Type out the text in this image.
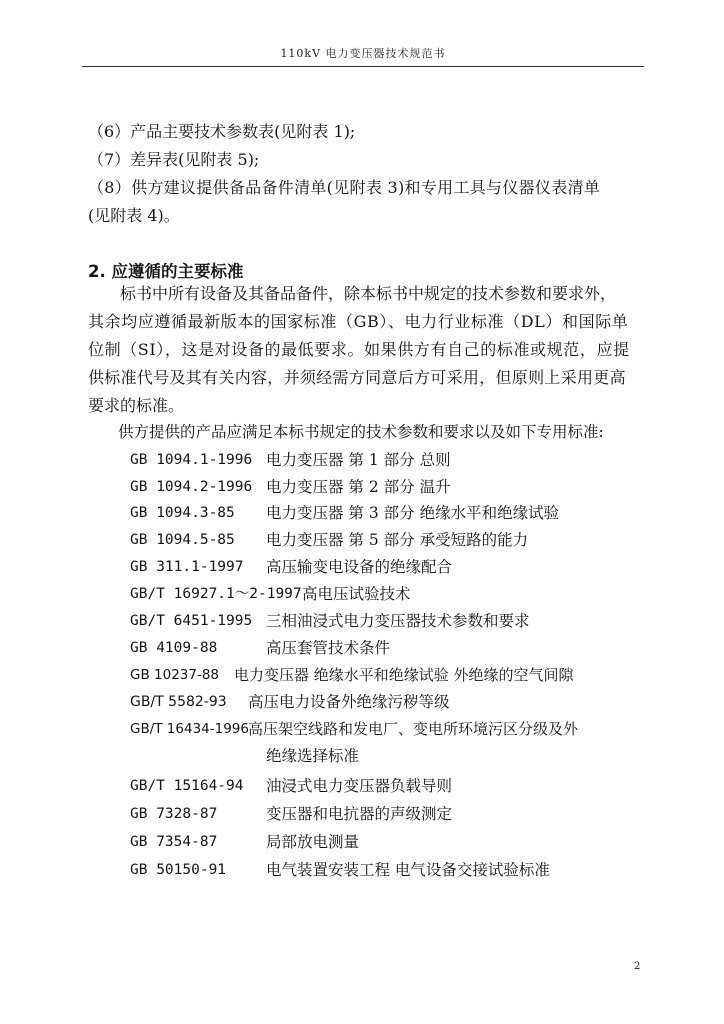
110kV 电力变压器技术规范书
（6）产品主要技术参数表(见附表 1);
（7）差异表(见附表 5);
（8）供方建议提供备品备件清单(见附表 3)和专用工具与仪器仪表清单
(见附表 4)。
2. 应遵循的主要标准
标书中所有设备及其备品备件，除本标书中规定的技术参数和要求外，
其余均应遵循最新版本的国家标准（GB）、电力行业标准（DL）和国际单
位制（SI），这是对设备的最低要求。如果供方有自己的标准或规范，应提
供标准代号及其有关内容，并须经需方同意后方可采用，但原则上采用更高
要求的标准。
供方提供的产品应满足本标书规定的技术参数和要求以及如下专用标准:
GB 1094.1-1996 电力变压器 第 1 部分 总则
GB 1094.2-1996 电力变压器 第 2 部分 温升
GB 1094.3-85 电力变压器 第 3 部分 绝缘水平和绝缘试验
GB 1094.5-85 电力变压器 第 5 部分 承受短路的能力
GB 311.1-1997 高压输变电设备的绝缘配合
GB/T 16927.1～2-1997 高电压试验技术
GB/T 6451-1995 三相油浸式电力变压器技术参数和要求
GB 4109-88	高压套管技术条件
GB 10237-88 电力变压器 绝缘水平和绝缘试验 外绝缘的空气间隙
GB/T 5582-93 高压电力设备外绝缘污秽等级
GB/T 16434-1996 高压架空线路和发电厂、变电所环境污区分级及外
绝缘选择标准
GB/T 15164-94 油浸式电力变压器负载导则
GB 7328-87	变压器和电抗器的声级测定
GB 7354-87	局部放电测量
GB 50150-91	电气装置安装工程 电气设备交接试验标准
2
